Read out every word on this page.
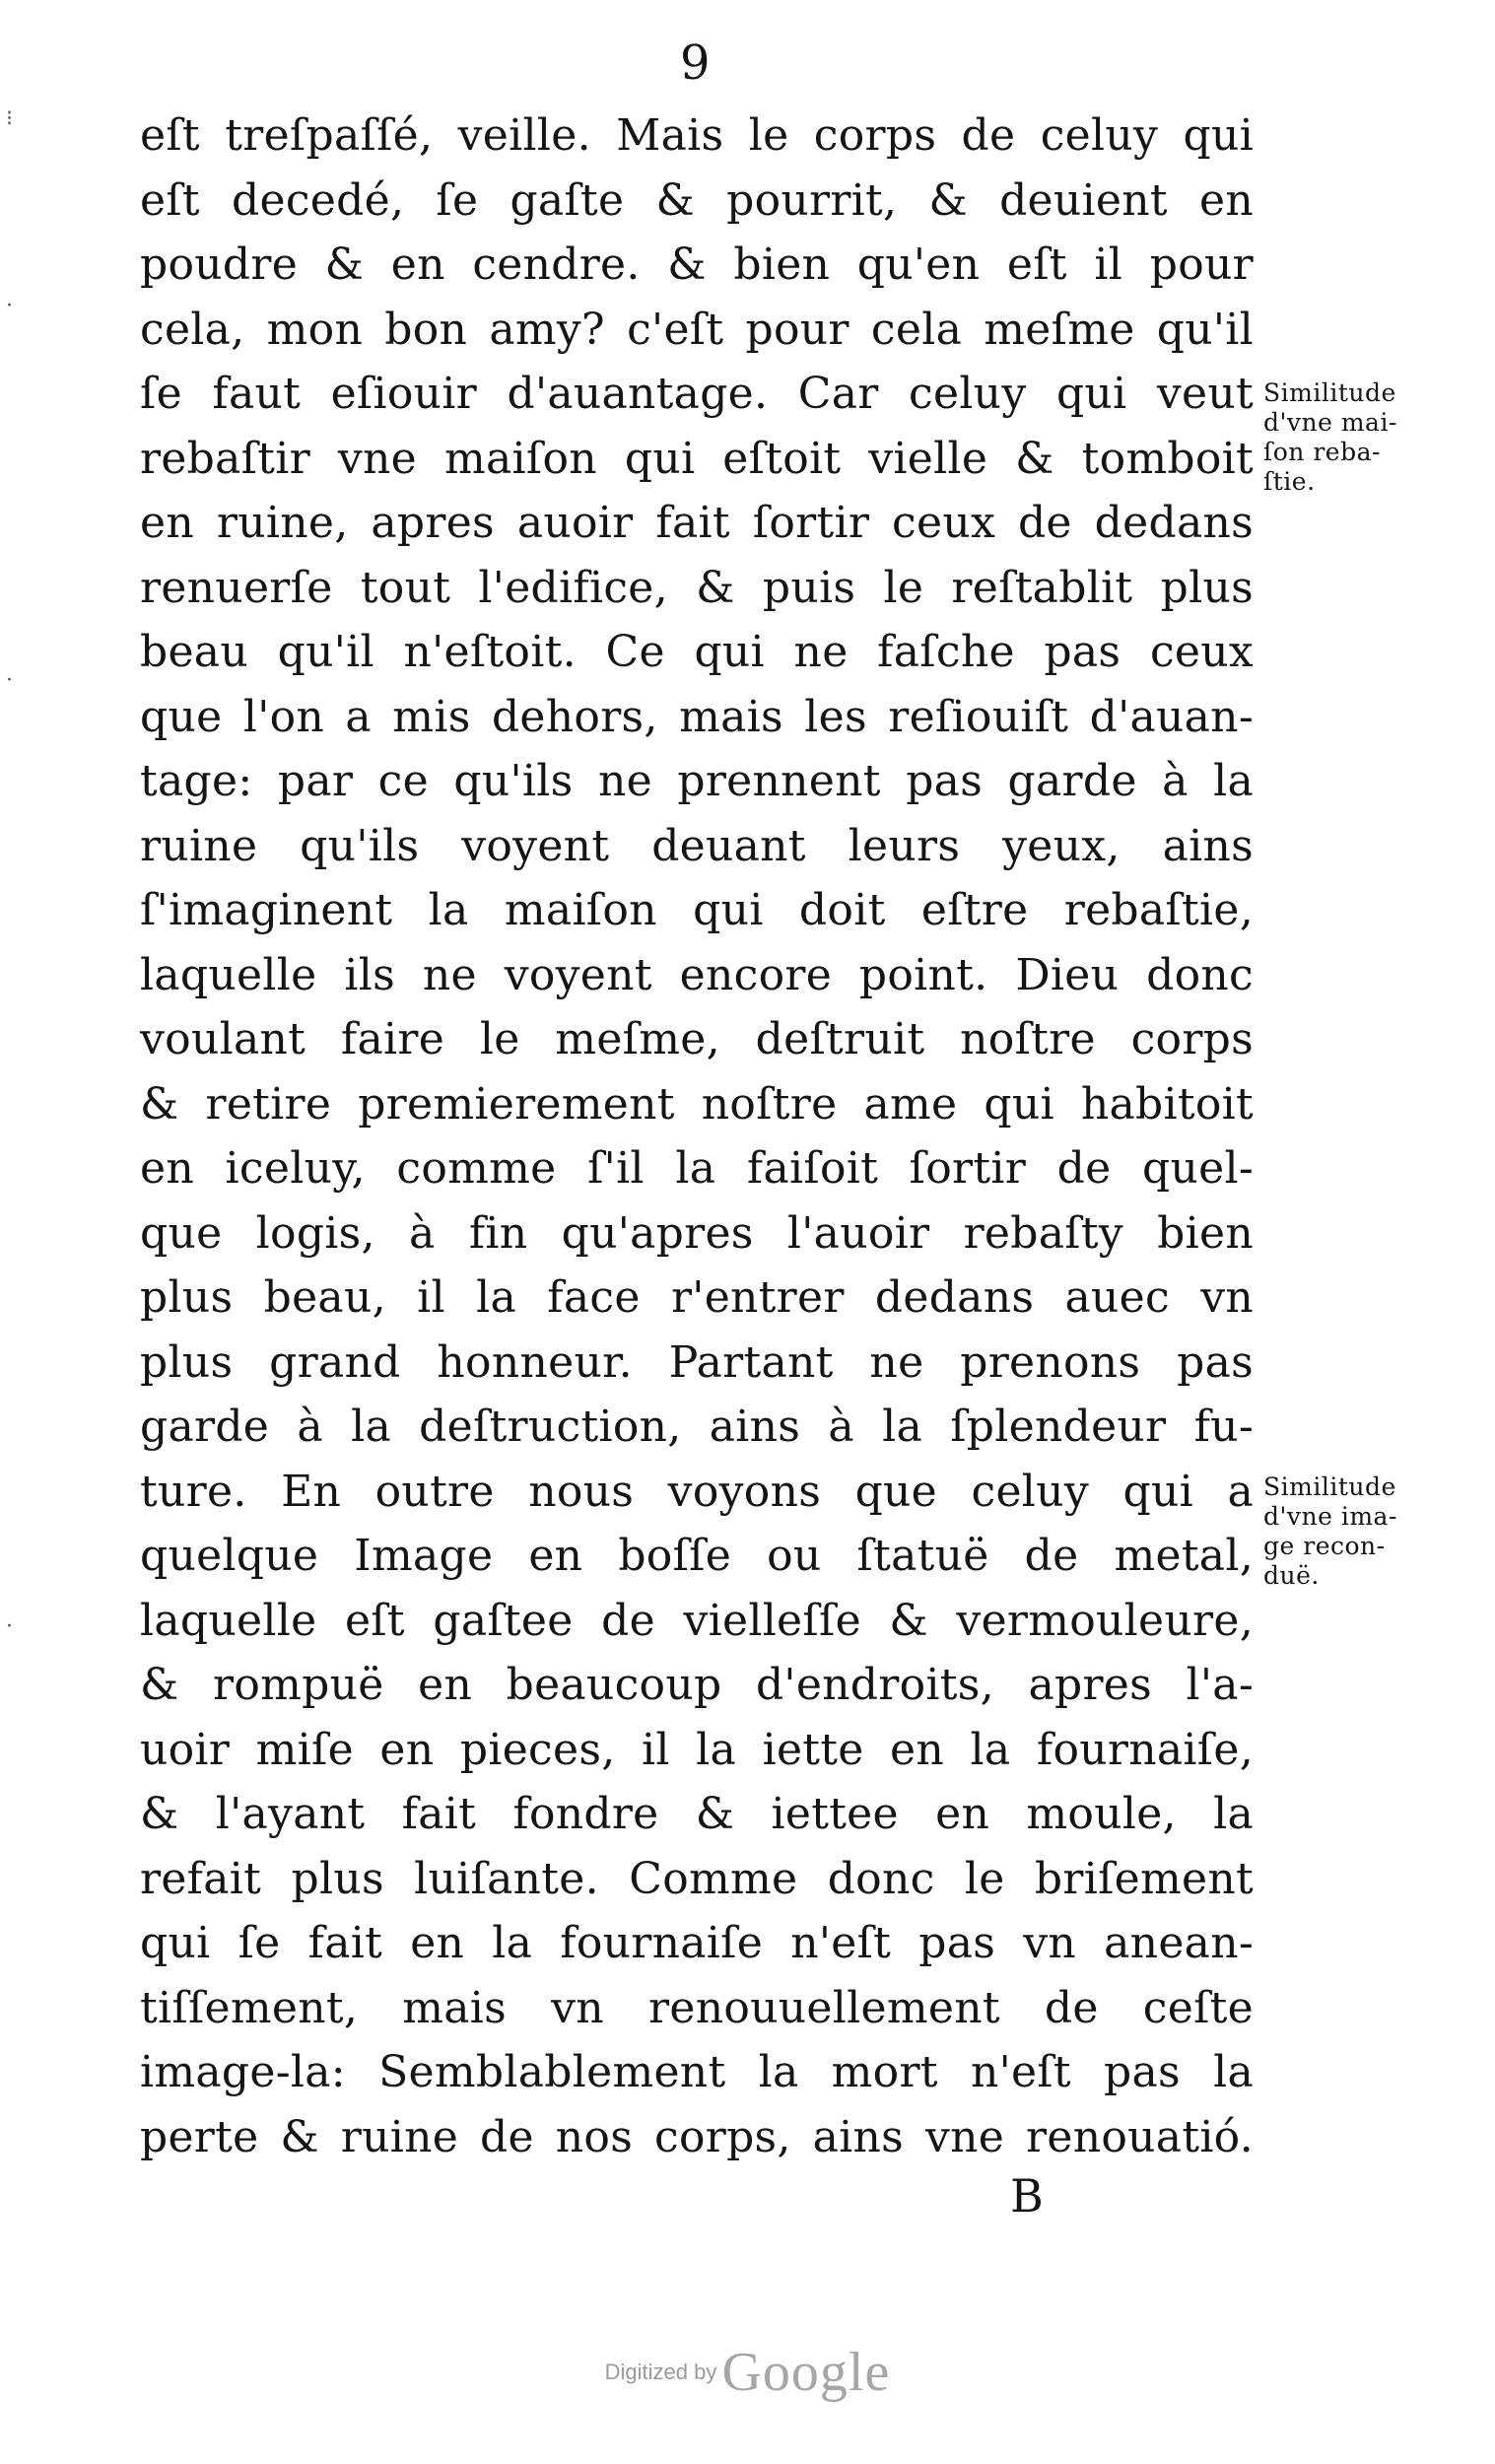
9
eſt treſpaſſé, veille. Mais le corps de celuy qui
eſt decedé, ſe gaſte & pourrit, & deuient en
poudre & en cendre. & bien qu'en eſt il pour
cela, mon bon amy? c'eſt pour cela meſme qu'il
ſe faut eſiouir d'auantage. Car celuy qui veut
rebaſtir vne maiſon qui eſtoit vielle & tomboit
en ruine, apres auoir fait ſortir ceux de dedans
renuerſe tout l'edifice, & puis le reſtablit plus
beau qu'il n'eſtoit. Ce qui ne faſche pas ceux
que l'on a mis dehors, mais les reſiouiſt d'auan-
tage: par ce qu'ils ne prennent pas garde à la
ruine qu'ils voyent deuant leurs yeux, ains
ſ'imaginent la maiſon qui doit eſtre rebaſtie,
laquelle ils ne voyent encore point. Dieu donc
voulant faire le meſme, deſtruit noſtre corps
& retire premierement noſtre ame qui habitoit
en iceluy, comme ſ'il la faiſoit ſortir de quel-
que logis, à fin qu'apres l'auoir rebaſty bien
plus beau, il la face r'entrer dedans auec vn
plus grand honneur. Partant ne prenons pas
garde à la deſtruction, ains à la ſplendeur fu-
ture. En outre nous voyons que celuy qui a
quelque Image en boſſe ou ſtatuë de metal,
laquelle eſt gaſtee de vielleſſe & vermouleure,
& rompuë en beaucoup d'endroits, apres l'a-
uoir miſe en pieces, il la iette en la fournaiſe,
& l'ayant fait fondre & iettee en moule, la
refait plus luiſante. Comme donc le briſement
qui ſe fait en la fournaiſe n'eſt pas vn anean-
tiſſement, mais vn renouuellement de ceſte
image-la: Semblablement la mort n'eſt pas la
perte & ruine de nos corps, ains vne renouatió.
Similitude
d'vne mai-
ſon reba-
ſtie.
Similitude
d'vne ima-
ge recon-
duë.
B
⁝
·
·
·
Digitized by Google
